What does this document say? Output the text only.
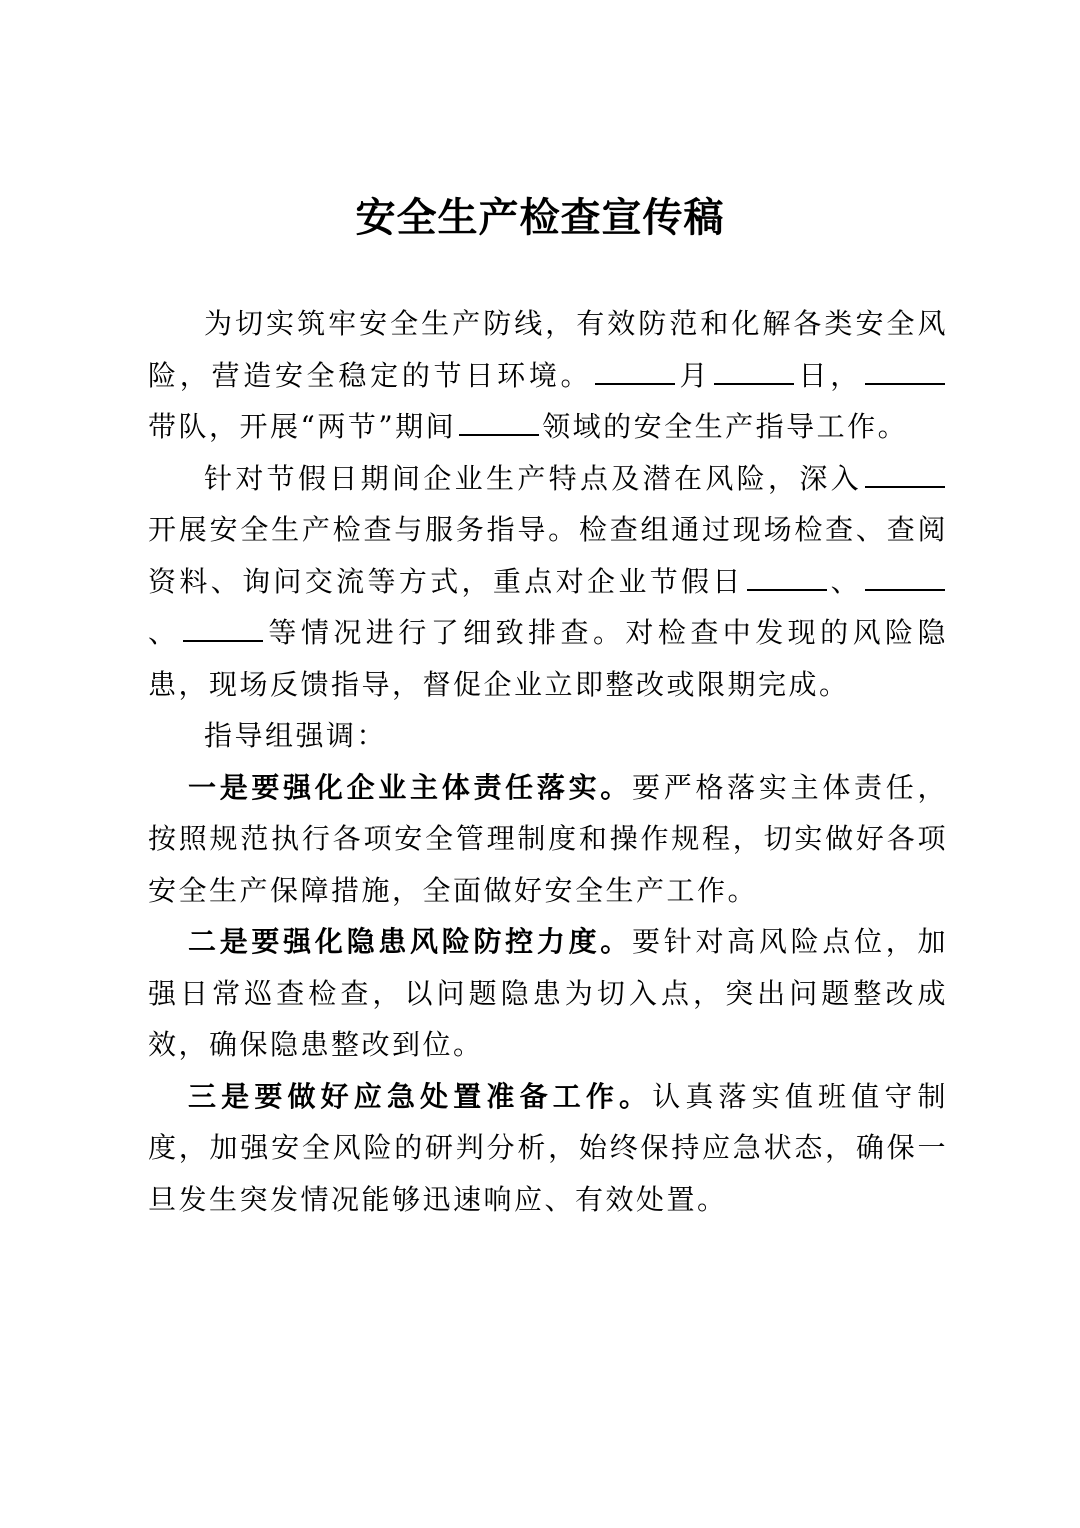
安全生产检查宣传稿

为切实筑牢安全生产防线，有效防范和化解各类安全风险，营造安全稳定的节日环境。	月	日，带队，开展“两节”期间	领域的安全生产指导工作。

针对节假日期间企业生产特点及潜在风险，深入开展安全生产检查与服务指导。检查组通过现场检查、查阅资料、询问交流等方式，重点对企业节假日	、、	等情况进行了细致排查。对检查中发现的风险隐患，现场反馈指导，督促企业立即整改或限期完成。

指导组强调：

一是要强化企业主体责任落实。要严格落实主体责任，按照规范执行各项安全管理制度和操作规程，切实做好各项安全生产保障措施，全面做好安全生产工作。

二是要强化隐患风险防控力度。要针对高风险点位，加强日常巡查检查，以问题隐患为切入点，突出问题整改成效，确保隐患整改到位。

三是要做好应急处置准备工作。认真落实值班值守制度，加强安全风险的研判分析，始终保持应急状态，确保一旦发生突发情况能够迅速响应、有效处置。
